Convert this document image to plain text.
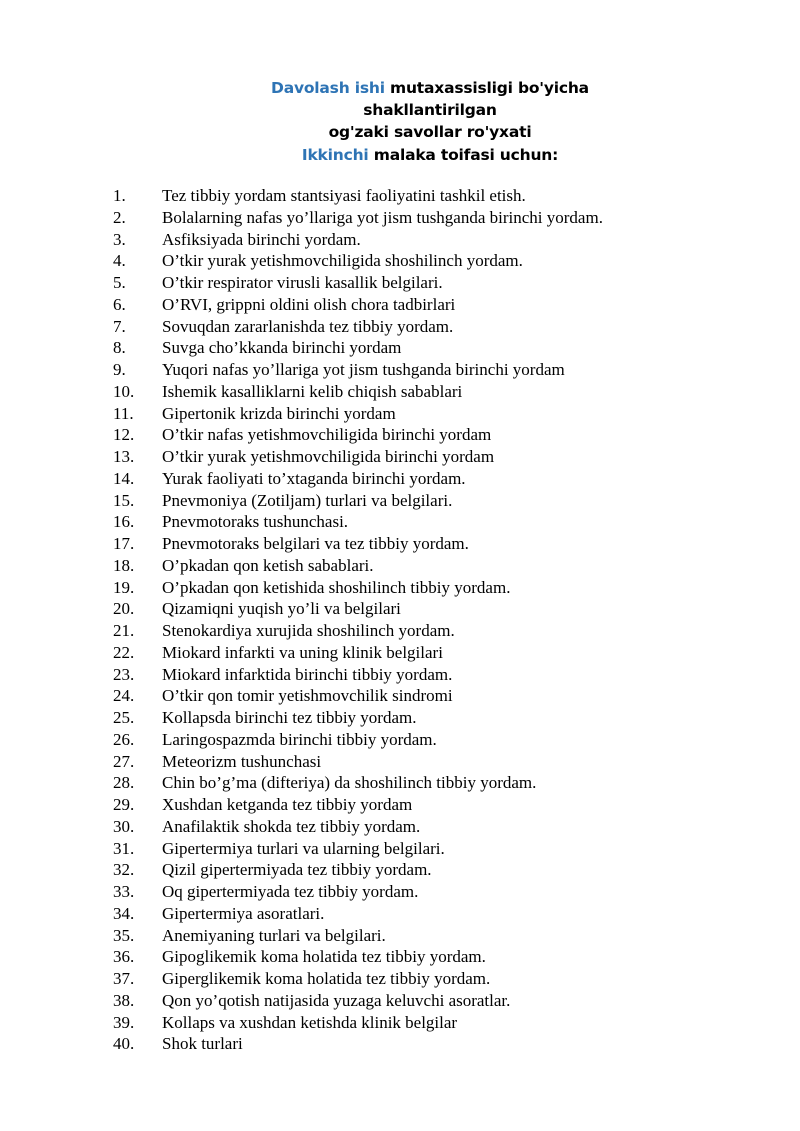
Davolash ishi mutaxassisligi bo'yicha shakllantirilgan
og'zaki savollar ro'yxati
Ikkinchi malaka toifasi uchun:
1.	Tez tibbiy yordam stantsiyasi faoliyatini tashkil etish.
2.	Bolalarning nafas yo’llariga yot jism tushganda birinchi yordam.
3.	Asfiksiyada birinchi yordam.
4.	O’tkir yurak yetishmovchiligida shoshilinch yordam.
5.	O’tkir respirator virusli kasallik belgilari.
6.	O’RVI, grippni oldini olish chora tadbirlari
7.	Sovuqdan zararlanishda tez tibbiy yordam.
8.	Suvga cho’kkanda birinchi yordam
9.	Yuqori nafas yo’llariga yot jism tushganda birinchi yordam
10.	Ishemik kasalliklarni kelib chiqish sabablari
11.	Gipertonik krizda birinchi yordam
12.	O’tkir nafas yetishmovchiligida birinchi yordam
13.	O’tkir yurak yetishmovchiligida birinchi yordam
14.	Yurak faoliyati to’xtaganda birinchi yordam.
15.	Pnevmoniya (Zotiljam) turlari va belgilari.
16.	Pnevmotoraks tushunchasi.
17.	Pnevmotoraks belgilari va tez tibbiy yordam.
18.	O’pkadan qon ketish sabablari.
19.	O’pkadan qon ketishida shoshilinch tibbiy yordam.
20.	Qizamiqni yuqish yo’li va belgilari
21.	Stenokardiya xurujida shoshilinch yordam.
22.	Miokard infarkti va uning klinik belgilari
23.	Miokard infarktida birinchi tibbiy yordam.
24.	O’tkir qon tomir yetishmovchilik sindromi
25.	Kollapsda birinchi tez tibbiy yordam.
26.	Laringospazmda birinchi tibbiy yordam.
27.	Meteorizm tushunchasi
28.	Chin bo’g’ma (difteriya) da shoshilinch tibbiy yordam.
29.	Xushdan ketganda tez tibbiy yordam
30.	Anafilaktik shokda tez tibbiy yordam.
31.	Gipertermiya turlari va ularning belgilari.
32.	Qizil gipertermiyada tez tibbiy yordam.
33.	Oq gipertermiyada tez tibbiy yordam.
34.	Gipertermiya asoratlari.
35.	Anemiyaning turlari va belgilari.
36.	Gipoglikemik koma holatida tez tibbiy yordam.
37.	Giperglikemik koma holatida tez tibbiy yordam.
38.	Qon yo’qotish natijasida yuzaga keluvchi asoratlar.
39.	Kollaps va xushdan ketishda klinik belgilar
40.	Shok turlari
